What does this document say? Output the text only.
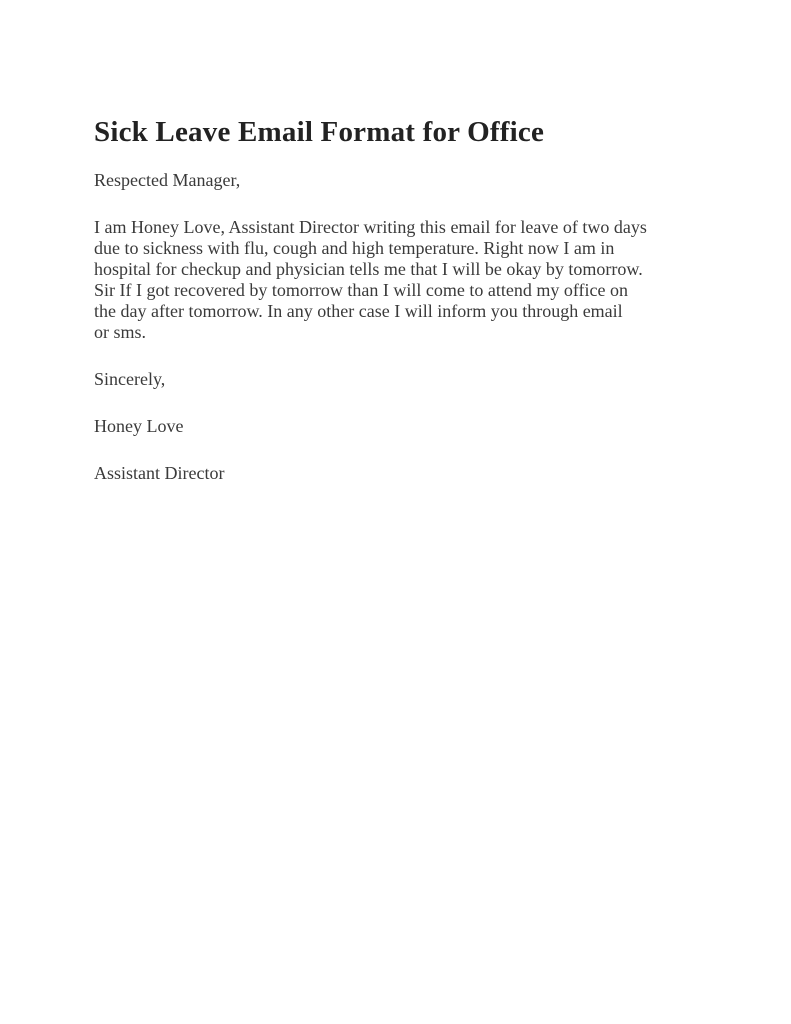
Sick Leave Email Format for Office

Respected Manager,

I am Honey Love, Assistant Director writing this email for leave of two days
due to sickness with flu, cough and high temperature. Right now I am in
hospital for checkup and physician tells me that I will be okay by tomorrow.
Sir If I got recovered by tomorrow than I will come to attend my office on
the day after tomorrow. In any other case I will inform you through email
or sms.

Sincerely,

Honey Love

Assistant Director
